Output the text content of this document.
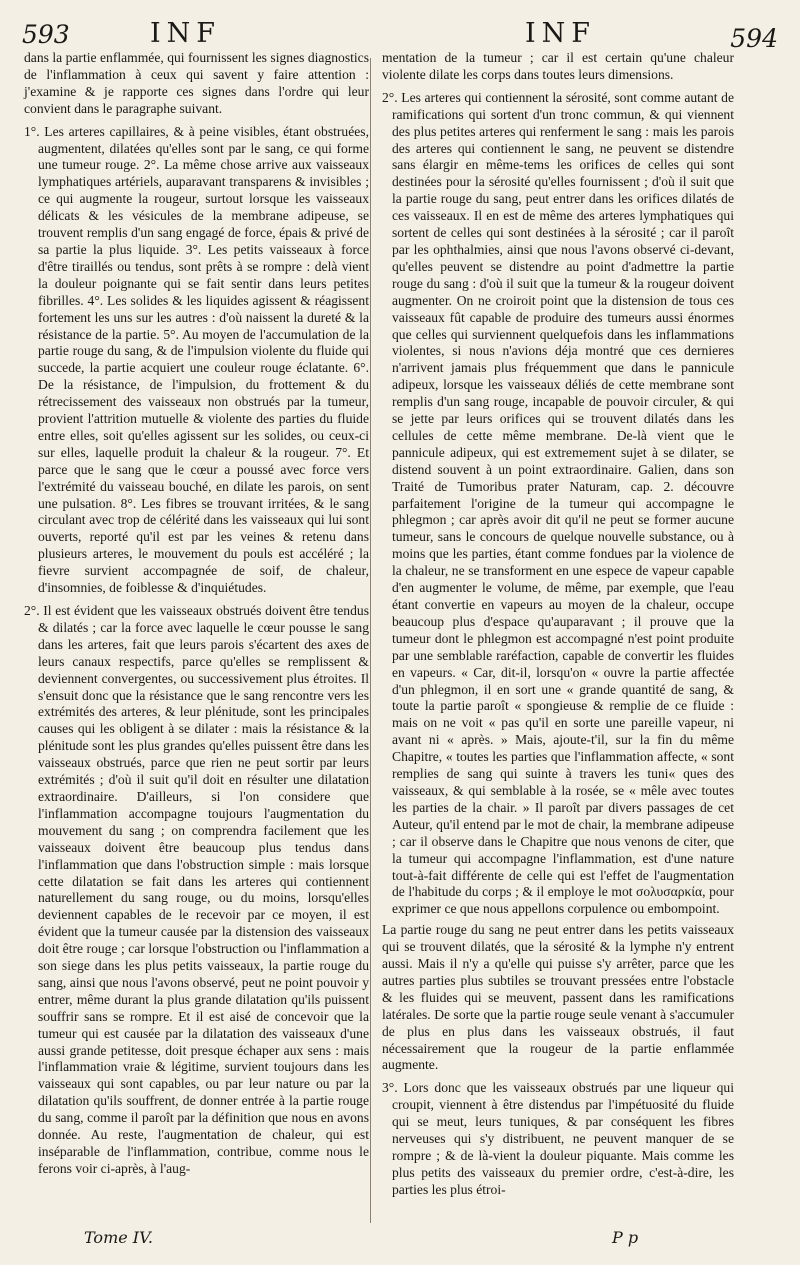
593	INF	INF	594

dans la partie enflammée, qui fournissent les signes diagnostics de l'inflammation à ceux qui savent y faire attention : j'examine & je rapporte ces signes dans l'ordre qui leur convient dans le paragraphe suivant.

1°. Les arteres capillaires, & à peine visibles, étant obstruées, augmentent, dilatées qu'elles sont par le sang, ce qui forme une tumeur rouge. 2°. La même chose arrive aux vaisseaux lymphatiques artériels, auparavant transparens & invisibles ; ce qui augmente la rougeur, surtout lorsque les vaisseaux délicats & les vésicules de la membrane adipeuse, se trouvent remplis d'un sang engagé de force, épais & privé de sa partie la plus liquide. 3°. Les petits vaisseaux à force d'être tiraillés ou tendus, sont prêts à se rompre : delà vient la douleur poignante qui se fait sentir dans leurs petites fibrilles. 4°. Les solides & les liquides agissent & réagissent fortement les uns sur les autres : d'où naissent la dureté & la résistance de la partie. 5°. Au moyen de l'accumulation de la partie rouge du sang, & de l'impulsion violente du fluide qui succede, la partie acquiert une couleur rouge éclatante. 6°. De la résistance, de l'impulsion, du frottement & du rétrecissement des vaisseaux non obstrués par la tumeur, provient l'attrition mutuelle & violente des parties du fluide entre elles, soit qu'elles agissent sur les solides, ou ceux-ci sur elles, laquelle produit la chaleur & la rougeur. 7°. Et parce que le sang que le cœur a poussé avec force vers l'extrémité du vaisseau bouché, en dilate les parois, on sent une pulsation. 8°. Les fibres se trouvant irritées, & le sang circulant avec trop de célérité dans les vaisseaux qui lui sont ouverts, reporté qu'il est par les veines & retenu dans plusieurs arteres, le mouvement du pouls est accéléré ; la fievre survient accompagnée de soif, de chaleur, d'insomnies, de foiblesse & d'inquiétudes.

2°. Il est évident que les vaisseaux obstrués doivent être tendus & dilatés ; car la force avec laquelle le cœur pousse le sang dans les arteres, fait que leurs parois s'écartent des axes de leurs canaux respectifs, parce qu'elles se remplissent & deviennent convergentes, ou successivement plus étroites. Il s'ensuit donc que la résistance que le sang rencontre vers les extrémités des arteres, & leur plénitude, sont les principales causes qui les obligent à se dilater : mais la résistance & la plénitude sont les plus grandes qu'elles puissent être dans les vaisseaux obstrués, parce que rien ne peut sortir par leurs extrémités ; d'où il suit qu'il doit en résulter une dilatation extraordinaire. D'ailleurs, si l'on considere que l'inflammation accompagne toujours l'augmentation du mouvement du sang ; on comprendra facilement que les vaisseaux doivent être beaucoup plus tendus dans l'inflammation que dans l'obstruction simple : mais lorsque cette dilatation se fait dans les arteres qui contiennent naturellement du sang rouge, ou du moins, lorsqu'elles deviennent capables de le recevoir par ce moyen, il est évident que la tumeur causée par la distension des vaisseaux doit être rouge ; car lorsque l'obstruction ou l'inflammation a son siege dans les plus petits vaisseaux, la partie rouge du sang, ainsi que nous l'avons observé, peut ne point pouvoir y entrer, même durant la plus grande dilatation qu'ils puissent souffrir sans se rompre. Et il est aisé de concevoir que la tumeur qui est causée par la dilatation des vaisseaux d'une aussi grande petitesse, doit presque échaper aux sens : mais l'inflammation vraie & légitime, survient toujours dans les vaisseaux qui sont capables, ou par leur nature ou par la dilatation qu'ils souffrent, de donner entrée à la partie rouge du sang, comme il paroît par la définition que nous en avons donnée. Au reste, l'augmentation de chaleur, qui est inséparable de l'inflammation, contribue, comme nous le ferons voir ci-après, à l'aug-

mentation de la tumeur ; car il est certain qu'une chaleur violente dilate les corps dans toutes leurs dimensions.

2°. Les arteres qui contiennent la sérosité, sont comme autant de ramifications qui sortent d'un tronc commun, & qui viennent des plus petites arteres qui renferment le sang : mais les parois des arteres qui contiennent le sang, ne peuvent se distendre sans élargir en même-tems les orifices de celles qui sont destinées pour la sérosité qu'elles fournissent ; d'où il suit que la partie rouge du sang, peut entrer dans les orifices dilatés de ces vaisseaux. Il en est de même des arteres lymphatiques qui sortent de celles qui sont destinées à la sérosité ; car il paroît par les ophthalmies, ainsi que nous l'avons observé ci-devant, qu'elles peuvent se distendre au point d'admettre la partie rouge du sang : d'où il suit que la tumeur & la rougeur doivent augmenter. On ne croiroit point que la distension de tous ces vaisseaux fût capable de produire des tumeurs aussi énormes que celles qui surviennent quelquefois dans les inflammations violentes, si nous n'avions déja montré que ces dernieres n'arrivent jamais plus fréquemment que dans le pannicule adipeux, lorsque les vaisseaux déliés de cette membrane sont remplis d'un sang rouge, incapable de pouvoir circuler, & qui se jette par leurs orifices qui se trouvent dilatés dans les cellules de cette même membrane. De-là vient que le pannicule adipeux, qui est extremement sujet à se dilater, se distend souvent à un point extraordinaire. Galien, dans son Traité de Tumoribus prater Naturam, cap. 2. découvre parfaitement l'origine de la tumeur qui accompagne le phlegmon ; car après avoir dit qu'il ne peut se former aucune tumeur, sans le concours de quelque nouvelle substance, ou à moins que les parties, étant comme fondues par la violence de la chaleur, ne se transforment en une espece de vapeur capable d'en augmenter le volume, de même, par exemple, que l'eau étant convertie en vapeurs au moyen de la chaleur, occupe beaucoup plus d'espace qu'auparavant ; il prouve que la tumeur dont le phlegmon est accompagné n'est point produite par une semblable raréfaction, capable de convertir les fluides en vapeurs. « Car, dit-il, lorsqu'on « ouvre la partie affectée d'un phlegmon, il en sort une « grande quantité de sang, & toute la partie paroît « spongieuse & remplie de ce fluide : mais on ne voit « pas qu'il en sorte une pareille vapeur, ni avant ni « après. » Mais, ajoute-t'il, sur la fin du même Chapitre, « toutes les parties que l'inflammation affecte, « sont remplies de sang qui suinte à travers les tuni« ques des vaisseaux, & qui semblable à la rosée, se « mêle avec toutes les parties de la chair. » Il paroît par divers passages de cet Auteur, qu'il entend par le mot de chair, la membrane adipeuse ; car il observe dans le Chapitre que nous venons de citer, que la tumeur qui accompagne l'inflammation, est d'une nature tout-à-fait différente de celle qui est l'effet de l'augmentation de l'habitude du corps ; & il employe le mot σολυσαρκία, pour exprimer ce que nous appellons corpulence ou embompoint.

La partie rouge du sang ne peut entrer dans les petits vaisseaux qui se trouvent dilatés, que la sérosité & la lymphe n'y entrent aussi. Mais il n'y a qu'elle qui puisse s'y arrêter, parce que les autres parties plus subtiles se trouvant pressées entre l'obstacle & les fluides qui se meuvent, passent dans les ramifications latérales. De sorte que la partie rouge seule venant à s'accumuler de plus en plus dans les vaisseaux obstrués, il faut nécessairement que la rougeur de la partie enflammée augmente.

3°. Lors donc que les vaisseaux obstrués par une liqueur qui croupit, viennent à être distendus par l'impétuosité du fluide qui se meut, leurs tuniques, & par conséquent les fibres nerveuses qui s'y distribuent, ne peuvent manquer de se rompre ; & de là-vient la douleur piquante. Mais comme les plus petits des vaisseaux du premier ordre, c'est-à-dire, les parties les plus étroi-

Tome IV.	P p
